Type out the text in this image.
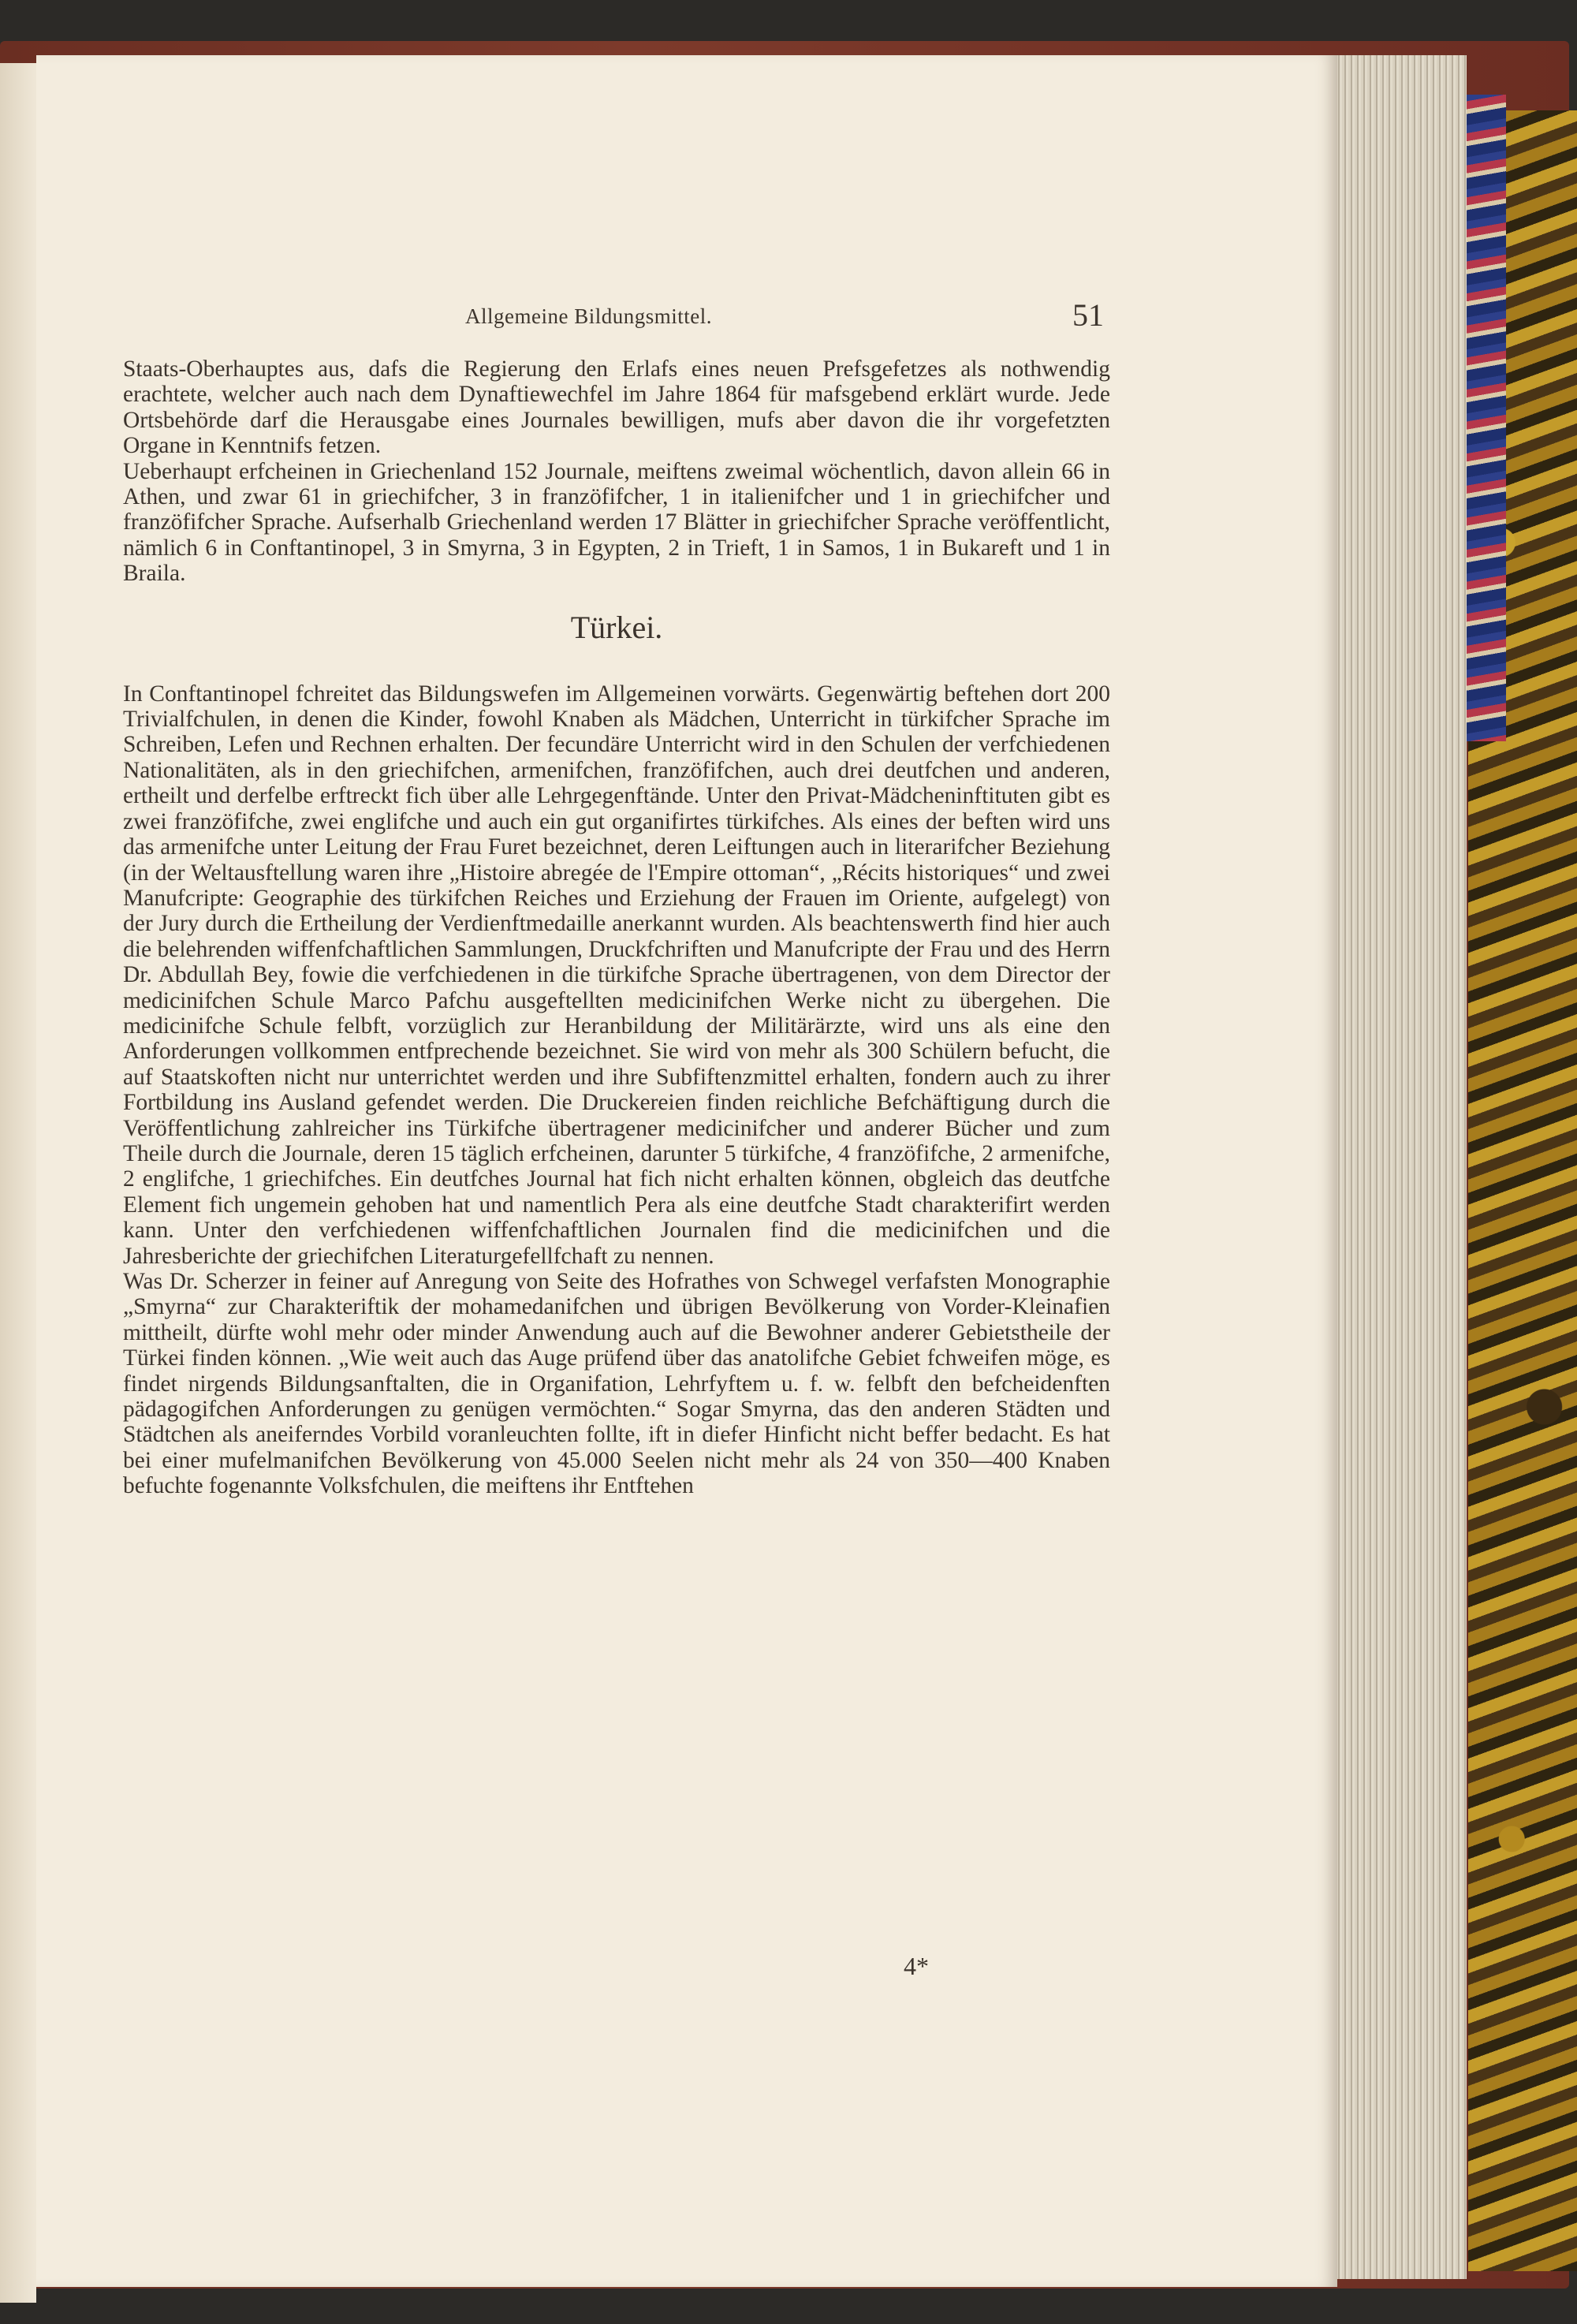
Allgemeine Bildungsmittel.	51

Staats-Oberhauptes aus, dafs die Regierung den Erlafs eines neuen Prefsgefetzes als nothwendig erachtete, welcher auch nach dem Dynaftiewechfel im Jahre 1864 für mafsgebend erklärt wurde. Jede Ortsbehörde darf die Herausgabe eines Journales bewilligen, mufs aber davon die ihr vorgefetzten Organe in Kenntnifs fetzen.

Ueberhaupt erfcheinen in Griechenland 152 Journale, meiftens zweimal wöchentlich, davon allein 66 in Athen, und zwar 61 in griechifcher, 3 in franzöfifcher, 1 in italienifcher und 1 in griechifcher und franzöfifcher Sprache. Aufserhalb Griechenland werden 17 Blätter in griechifcher Sprache veröffentlicht, nämlich 6 in Conftantinopel, 3 in Smyrna, 3 in Egypten, 2 in Trieft, 1 in Samos, 1 in Bukareft und 1 in Braila.

Türkei.

In Conftantinopel fchreitet das Bildungswefen im Allgemeinen vorwärts. Gegenwärtig beftehen dort 200 Trivialfchulen, in denen die Kinder, fowohl Knaben als Mädchen, Unterricht in türkifcher Sprache im Schreiben, Lefen und Rechnen erhalten. Der fecundäre Unterricht wird in den Schulen der verfchiedenen Nationalitäten, als in den griechifchen, armenifchen, franzöfifchen, auch drei deutfchen und anderen, ertheilt und derfelbe erftreckt fich über alle Lehrgegenftände. Unter den Privat-Mädcheninftituten gibt es zwei franzöfifche, zwei englifche und auch ein gut organifirtes türkifches. Als eines der beften wird uns das armenifche unter Leitung der Frau Furet bezeichnet, deren Leiftungen auch in literarifcher Beziehung (in der Weltausftellung waren ihre „Histoire abregée de l'Empire ottoman“, „Récits historiques“ und zwei Manufcripte: Geographie des türkifchen Reiches und Erziehung der Frauen im Oriente, aufgelegt) von der Jury durch die Ertheilung der Verdienftmedaille anerkannt wurden. Als beachtenswerth find hier auch die belehrenden wiffenfchaftlichen Sammlungen, Druckfchriften und Manufcripte der Frau und des Herrn Dr. Abdullah Bey, fowie die verfchiedenen in die türkifche Sprache übertragenen, von dem Director der medicinifchen Schule Marco Pafchu ausgeftellten medicinifchen Werke nicht zu übergehen. Die medicinifche Schule felbft, vorzüglich zur Heranbildung der Militärärzte, wird uns als eine den Anforderungen vollkommen entfprechende bezeichnet. Sie wird von mehr als 300 Schülern befucht, die auf Staatskoften nicht nur unterrichtet werden und ihre Subfiftenzmittel erhalten, fondern auch zu ihrer Fortbildung ins Ausland gefendet werden. Die Druckereien finden reichliche Befchäftigung durch die Veröffentlichung zahlreicher ins Türkifche übertragener medicinifcher und anderer Bücher und zum Theile durch die Journale, deren 15 täglich erfcheinen, darunter 5 türkifche, 4 franzöfifche, 2 armenifche, 2 englifche, 1 griechifches. Ein deutfches Journal hat fich nicht erhalten können, obgleich das deutfche Element fich ungemein gehoben hat und namentlich Pera als eine deutfche Stadt charakterifirt werden kann. Unter den verfchiedenen wiffenfchaftlichen Journalen find die medicinifchen und die Jahresberichte der griechifchen Literaturgefellfchaft zu nennen.

Was Dr. Scherzer in feiner auf Anregung von Seite des Hofrathes von Schwegel verfafsten Monographie „Smyrna“ zur Charakteriftik der mohamedanifchen und übrigen Bevölkerung von Vorder-Kleinafien mittheilt, dürfte wohl mehr oder minder Anwendung auch auf die Bewohner anderer Gebietstheile der Türkei finden können. „Wie weit auch das Auge prüfend über das anatolifche Gebiet fchweifen möge, es findet nirgends Bildungsanftalten, die in Organifation, Lehrfyftem u. f. w. felbft den befcheidenften pädagogifchen Anforderungen zu genügen vermöchten.“ Sogar Smyrna, das den anderen Städten und Städtchen als aneiferndes Vorbild voranleuchten follte, ift in diefer Hinficht nicht beffer bedacht. Es hat bei einer mufelmanifchen Bevölkerung von 45.000 Seelen nicht mehr als 24 von 350—400 Knaben befuchte fogenannte Volksfchulen, die meiftens ihr Entftehen

4*
